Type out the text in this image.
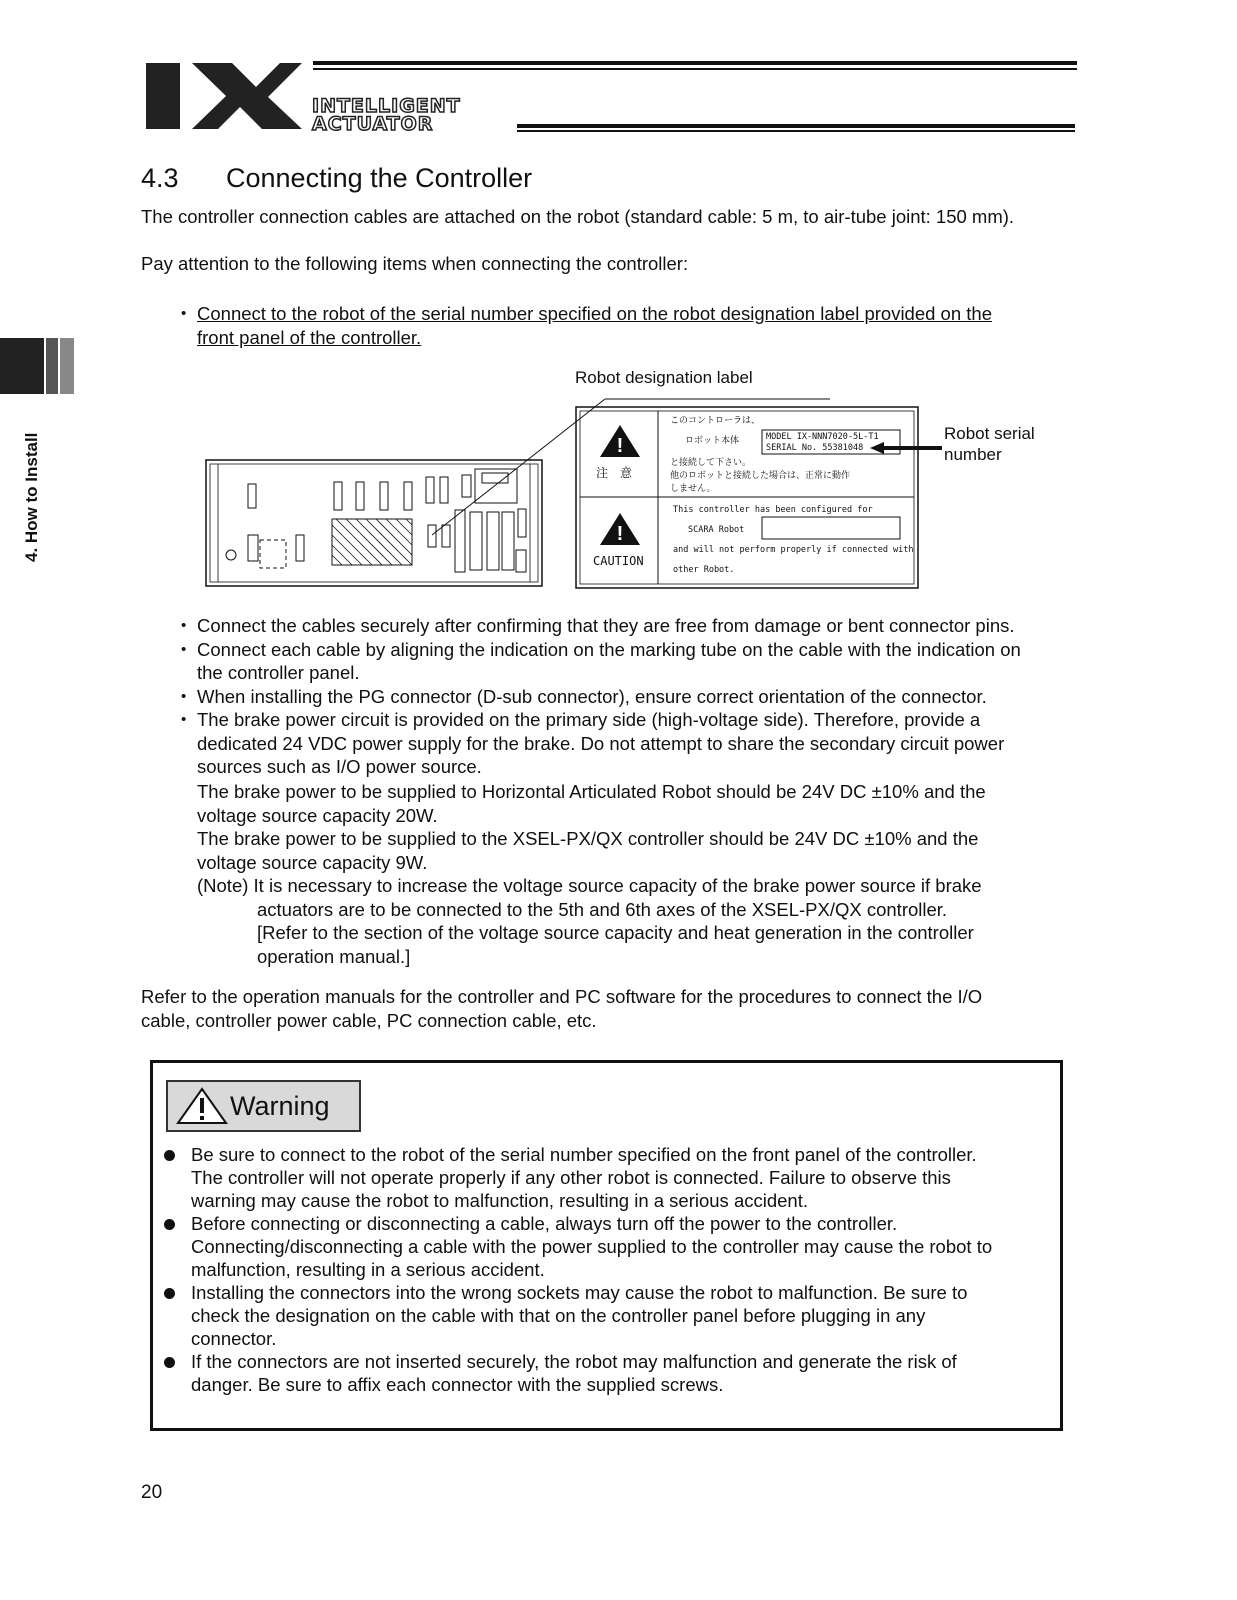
INTELLIGENT
ACTUATOR
4. How to Install
4.3 Connecting the Controller

The controller connection cables are attached on the robot (standard cable: 5 m, to air-tube joint: 150 mm).

Pay attention to the following items when connecting the controller:

• Connect to the robot of the serial number specified on the robot designation label provided on the
front panel of the controller.
Robot designation label
Robot serial
number
!
!
このコントローラは、
ロボット本体	MODEL IX-NNN7020-5L-T1
SERIAL No. 55381048
と接続して下さい。
他のロボットと接続した場合は、正常に動作
しません。
注　意
This controller has been configured for
SCARA Robot
and will not perform properly if connected with
other Robot.
CAUTION
• Connect the cables securely after confirming that they are free from damage or bent connector pins.
• Connect each cable by aligning the indication on the marking tube on the cable with the indication on
the controller panel.
• When installing the PG connector (D-sub connector), ensure correct orientation of the connector.
• The brake power circuit is provided on the primary side (high-voltage side). Therefore, provide a
dedicated 24 VDC power supply for the brake. Do not attempt to share the secondary circuit power
sources such as I/O power source.
The brake power to be supplied to Horizontal Articulated Robot should be 24V DC ±10% and the
voltage source capacity 20W.
The brake power to be supplied to the XSEL-PX/QX controller should be 24V DC ±10% and the
voltage source capacity 9W.
(Note) It is necessary to increase the voltage source capacity of the brake power source if brake
actuators are to be connected to the 5th and 6th axes of the XSEL-PX/QX controller.
[Refer to the section of the voltage source capacity and heat generation in the controller
operation manual.]
Refer to the operation manuals for the controller and PC software for the procedures to connect the I/O
cable, controller power cable, PC connection cable, etc.
Warning
Be sure to connect to the robot of the serial number specified on the front panel of the controller.
The controller will not operate properly if any other robot is connected. Failure to observe this
warning may cause the robot to malfunction, resulting in a serious accident.
Before connecting or disconnecting a cable, always turn off the power to the controller.
Connecting/disconnecting a cable with the power supplied to the controller may cause the robot to
malfunction, resulting in a serious accident.
Installing the connectors into the wrong sockets may cause the robot to malfunction. Be sure to
check the designation on the cable with that on the controller panel before plugging in any
connector.
If the connectors are not inserted securely, the robot may malfunction and generate the risk of
danger. Be sure to affix each connector with the supplied screws.
20
